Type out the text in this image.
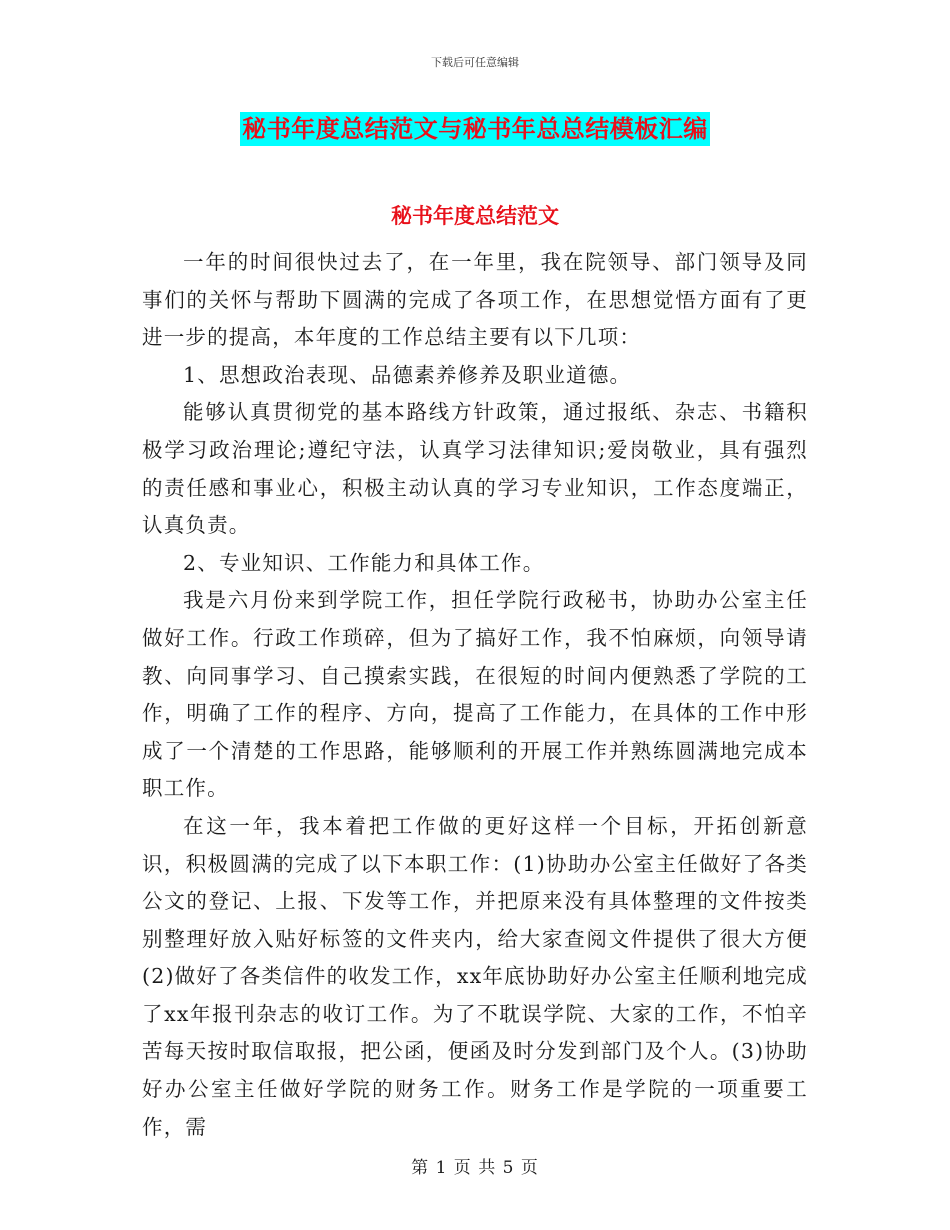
下载后可任意编辑
秘书年度总结范文与秘书年总总结模板汇编
秘书年度总结范文

一年的时间很快过去了，在一年里，我在院领导、部门领导及同事们的关怀与帮助下圆满的完成了各项工作，在思想觉悟方面有了更进一步的提高，本年度的工作总结主要有以下几项：

1、思想政治表现、品德素养修养及职业道德。

能够认真贯彻党的基本路线方针政策，通过报纸、杂志、书籍积极学习政治理论;遵纪守法，认真学习法律知识;爱岗敬业，具有强烈的责任感和事业心，积极主动认真的学习专业知识，工作态度端正，认真负责。

2、专业知识、工作能力和具体工作。

我是六月份来到学院工作，担任学院行政秘书，协助办公室主任做好工作。行政工作琐碎，但为了搞好工作，我不怕麻烦，向领导请教、向同事学习、自己摸索实践，在很短的时间内便熟悉了学院的工作，明确了工作的程序、方向，提高了工作能力，在具体的工作中形成了一个清楚的工作思路，能够顺利的开展工作并熟练圆满地完成本职工作。

在这一年，我本着把工作做的更好这样一个目标，开拓创新意识，积极圆满的完成了以下本职工作：(1)协助办公室主任做好了各类公文的登记、上报、下发等工作，并把原来没有具体整理的文件按类别整理好放入贴好标签的文件夹内，给大家查阅文件提供了很大方便(2)做好了各类信件的收发工作，xx年底协助好办公室主任顺利地完成了xx年报刊杂志的收订工作。为了不耽误学院、大家的工作，不怕辛苦每天按时取信取报，把公函，便函及时分发到部门及个人。(3)协助好办公室主任做好学院的财务工作。财务工作是学院的一项重要工作，需

第 1 页 共 5 页
